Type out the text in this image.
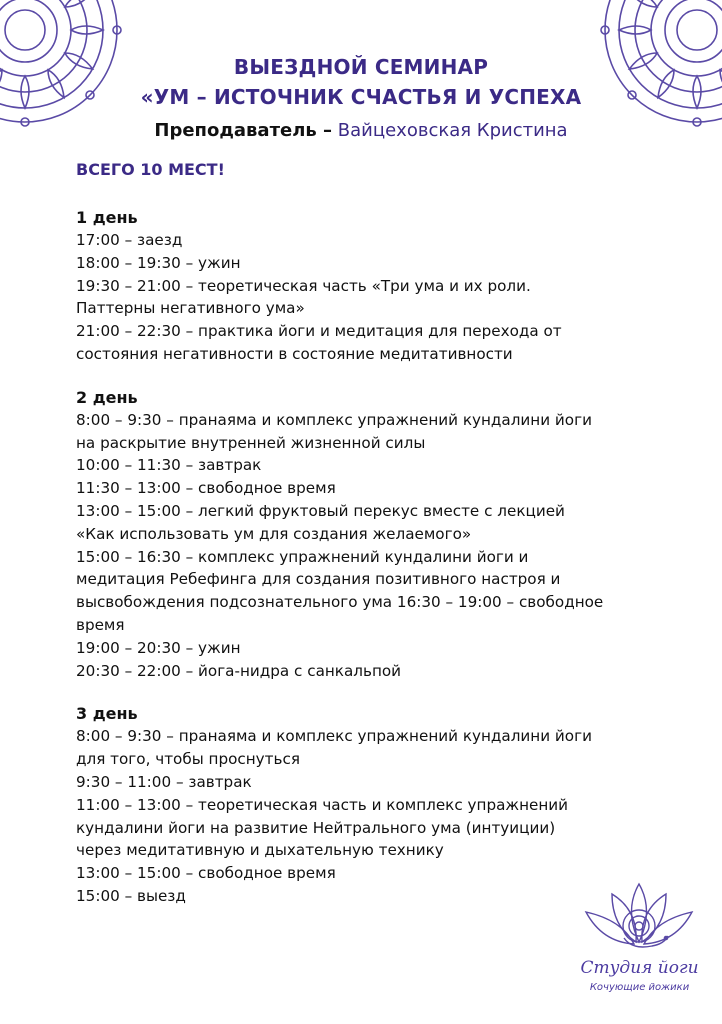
ВЫЕЗДНОЙ СЕМИНАР
«УМ – ИСТОЧНИК СЧАСТЬЯ И УСПЕХА
Преподаватель – Вайцеховская Кристина
ВСЕГО 10 МЕСТ!
1 день
17:00 – заезд
18:00 – 19:30 – ужин
19:30 – 21:00 – теоретическая часть «Три ума и их роли.
Паттерны негативного ума»
21:00 – 22:30 – практика йоги и медитация для перехода от
состояния негативности в состояние медитативности
2 день
8:00 – 9:30 – пранаяма и комплекс упражнений кундалини йоги
на раскрытие внутренней жизненной силы
10:00 – 11:30 – завтрак
11:30 – 13:00 – свободное время
13:00 – 15:00 – легкий фруктовый перекус вместе с лекцией
«Как использовать ум для создания желаемого»
15:00 – 16:30 – комплекс упражнений кундалини йоги и
медитация Ребефинга для создания позитивного настроя и
высвобождения подсознательного ума 16:30 – 19:00 – свободное
время
19:00 – 20:30 – ужин
20:30 – 22:00 – йога-нидра с санкальпой
3 день
8:00 – 9:30 – пранаяма и комплекс упражнений кундалини йоги
для того, чтобы проснуться
9:30 – 11:00 – завтрак
11:00 – 13:00 – теоретическая часть и комплекс упражнений
кундалини йоги на развитие Нейтрального ума (интуиции)
через медитативную и дыхательную технику
13:00 – 15:00 – свободное время
15:00 – выезд
Студия йоги
Кочующие йожики
